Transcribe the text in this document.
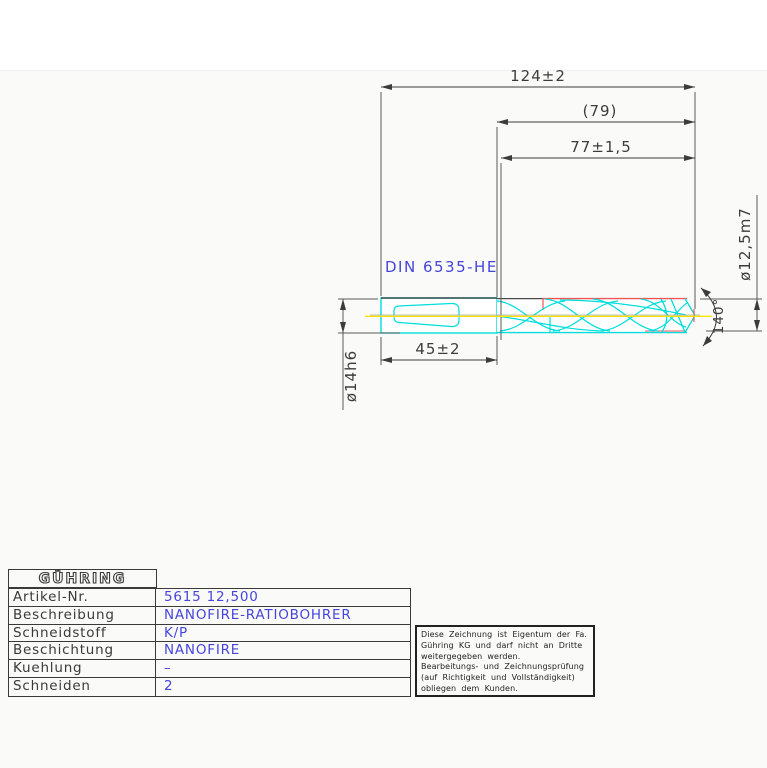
124±2
(79)
77±1,5
45±2
ø12,5m7
ø14h6
140°
DIN 6535-HE
GÜHRING
Artikel-Nr.	5615 12,500
Beschreibung	NANOFIRE-RATIOBOHRER
Schneidstoff	K/P
Beschichtung	NANOFIRE
Kuehlung	–
Schneiden	2
Diese Zeichnung ist Eigentum der Fa.
Gühring KG und darf nicht an Dritte
weitergegeben werden.
Bearbeitungs- und Zeichnungsprüfung
(auf Richtigkeit und Vollständigkeit)
obliegen dem Kunden.
